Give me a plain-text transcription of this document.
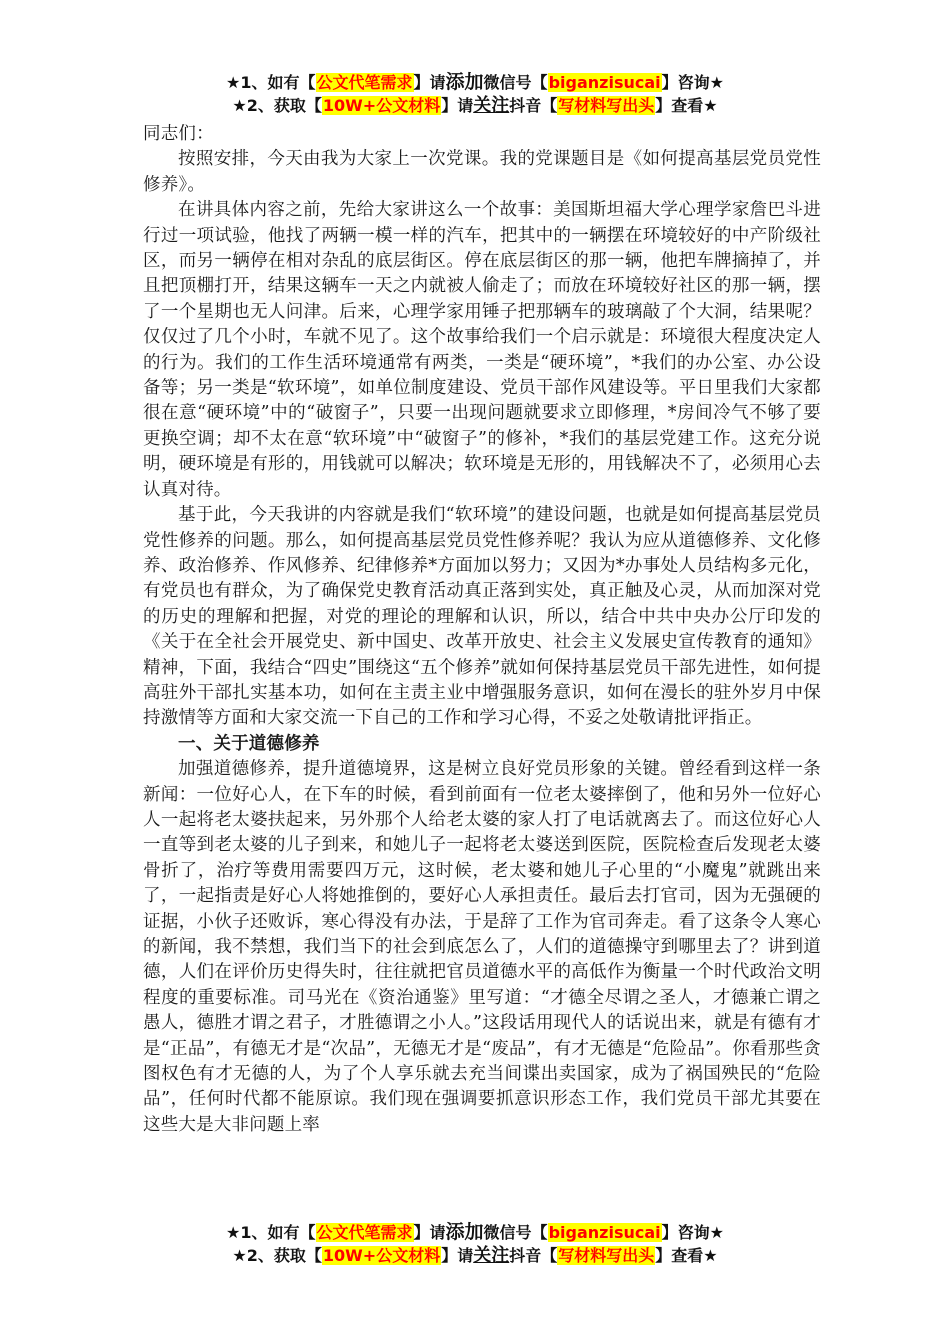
★1、如有【公文代笔需求】请添加微信号【biganzisucai】咨询★
★2、获取【10W+公文材料】请关注抖音【写材料写出头】查看★

同志们：

按照安排，今天由我为大家上一次党课。我的党课题目是《如何提高基层党员党性修养》。

在讲具体内容之前，先给大家讲这么一个故事：美国斯坦福大学心理学家詹巴斗进行过一项试验，他找了两辆一模一样的汽车，把其中的一辆摆在环境较好的中产阶级社区，而另一辆停在相对杂乱的底层街区。停在底层街区的那一辆，他把车牌摘掉了，并且把顶棚打开，结果这辆车一天之内就被人偷走了；而放在环境较好社区的那一辆，摆了一个星期也无人问津。后来，心理学家用锤子把那辆车的玻璃敲了个大洞，结果呢？仅仅过了几个小时，车就不见了。这个故事给我们一个启示就是：环境很大程度决定人的行为。我们的工作生活环境通常有两类，一类是“硬环境”，*我们的办公室、办公设备等；另一类是“软环境”，如单位制度建设、党员干部作风建设等。平日里我们大家都很在意“硬环境”中的“破窗子”，只要一出现问题就要求立即修理，*房间冷气不够了要更换空调；却不太在意“软环境”中“破窗子”的修补，*我们的基层党建工作。这充分说明，硬环境是有形的，用钱就可以解决；软环境是无形的，用钱解决不了，必须用心去认真对待。

基于此，今天我讲的内容就是我们“软环境”的建设问题，也就是如何提高基层党员党性修养的问题。那么，如何提高基层党员党性修养呢？我认为应从道德修养、文化修养、政治修养、作风修养、纪律修养*方面加以努力；又因为*办事处人员结构多元化，有党员也有群众，为了确保党史教育活动真正落到实处，真正触及心灵，从而加深对党的历史的理解和把握，对党的理论的理解和认识，所以，结合中共中央办公厅印发的《关于在全社会开展党史、新中国史、改革开放史、社会主义发展史宣传教育的通知》精神，下面，我结合“四史”围绕这“五个修养”就如何保持基层党员干部先进性，如何提高驻外干部扎实基本功，如何在主责主业中增强服务意识，如何在漫长的驻外岁月中保持激情等方面和大家交流一下自己的工作和学习心得，不妥之处敬请批评指正。

一、关于道德修养

加强道德修养，提升道德境界，这是树立良好党员形象的关键。曾经看到这样一条新闻：一位好心人，在下车的时候，看到前面有一位老太婆摔倒了，他和另外一位好心人一起将老太婆扶起来，另外那个人给老太婆的家人打了电话就离去了。而这位好心人一直等到老太婆的儿子到来，和她儿子一起将老太婆送到医院，医院检查后发现老太婆骨折了，治疗等费用需要四万元，这时候，老太婆和她儿子心里的“小魔鬼”就跳出来了，一起指责是好心人将她推倒的，要好心人承担责任。最后去打官司，因为无强硬的证据，小伙子还败诉，寒心得没有办法，于是辞了工作为官司奔走。看了这条令人寒心的新闻，我不禁想，我们当下的社会到底怎么了，人们的道德操守到哪里去了？讲到道德，人们在评价历史得失时，往往就把官员道德水平的高低作为衡量一个时代政治文明程度的重要标准。司马光在《资治通鉴》里写道：“才德全尽谓之圣人，才德兼亡谓之愚人，德胜才谓之君子，才胜德谓之小人。”这段话用现代人的话说出来，就是有德有才是“正品”，有德无才是“次品”，无德无才是“废品”，有才无德是“危险品”。你看那些贪图权色有才无德的人，为了个人享乐就去充当间谍出卖国家，成为了祸国殃民的“危险品”，任何时代都不能原谅。我们现在强调要抓意识形态工作，我们党员干部尤其要在这些大是大非问题上率

★1、如有【公文代笔需求】请添加微信号【biganzisucai】咨询★
★2、获取【10W+公文材料】请关注抖音【写材料写出头】查看★
